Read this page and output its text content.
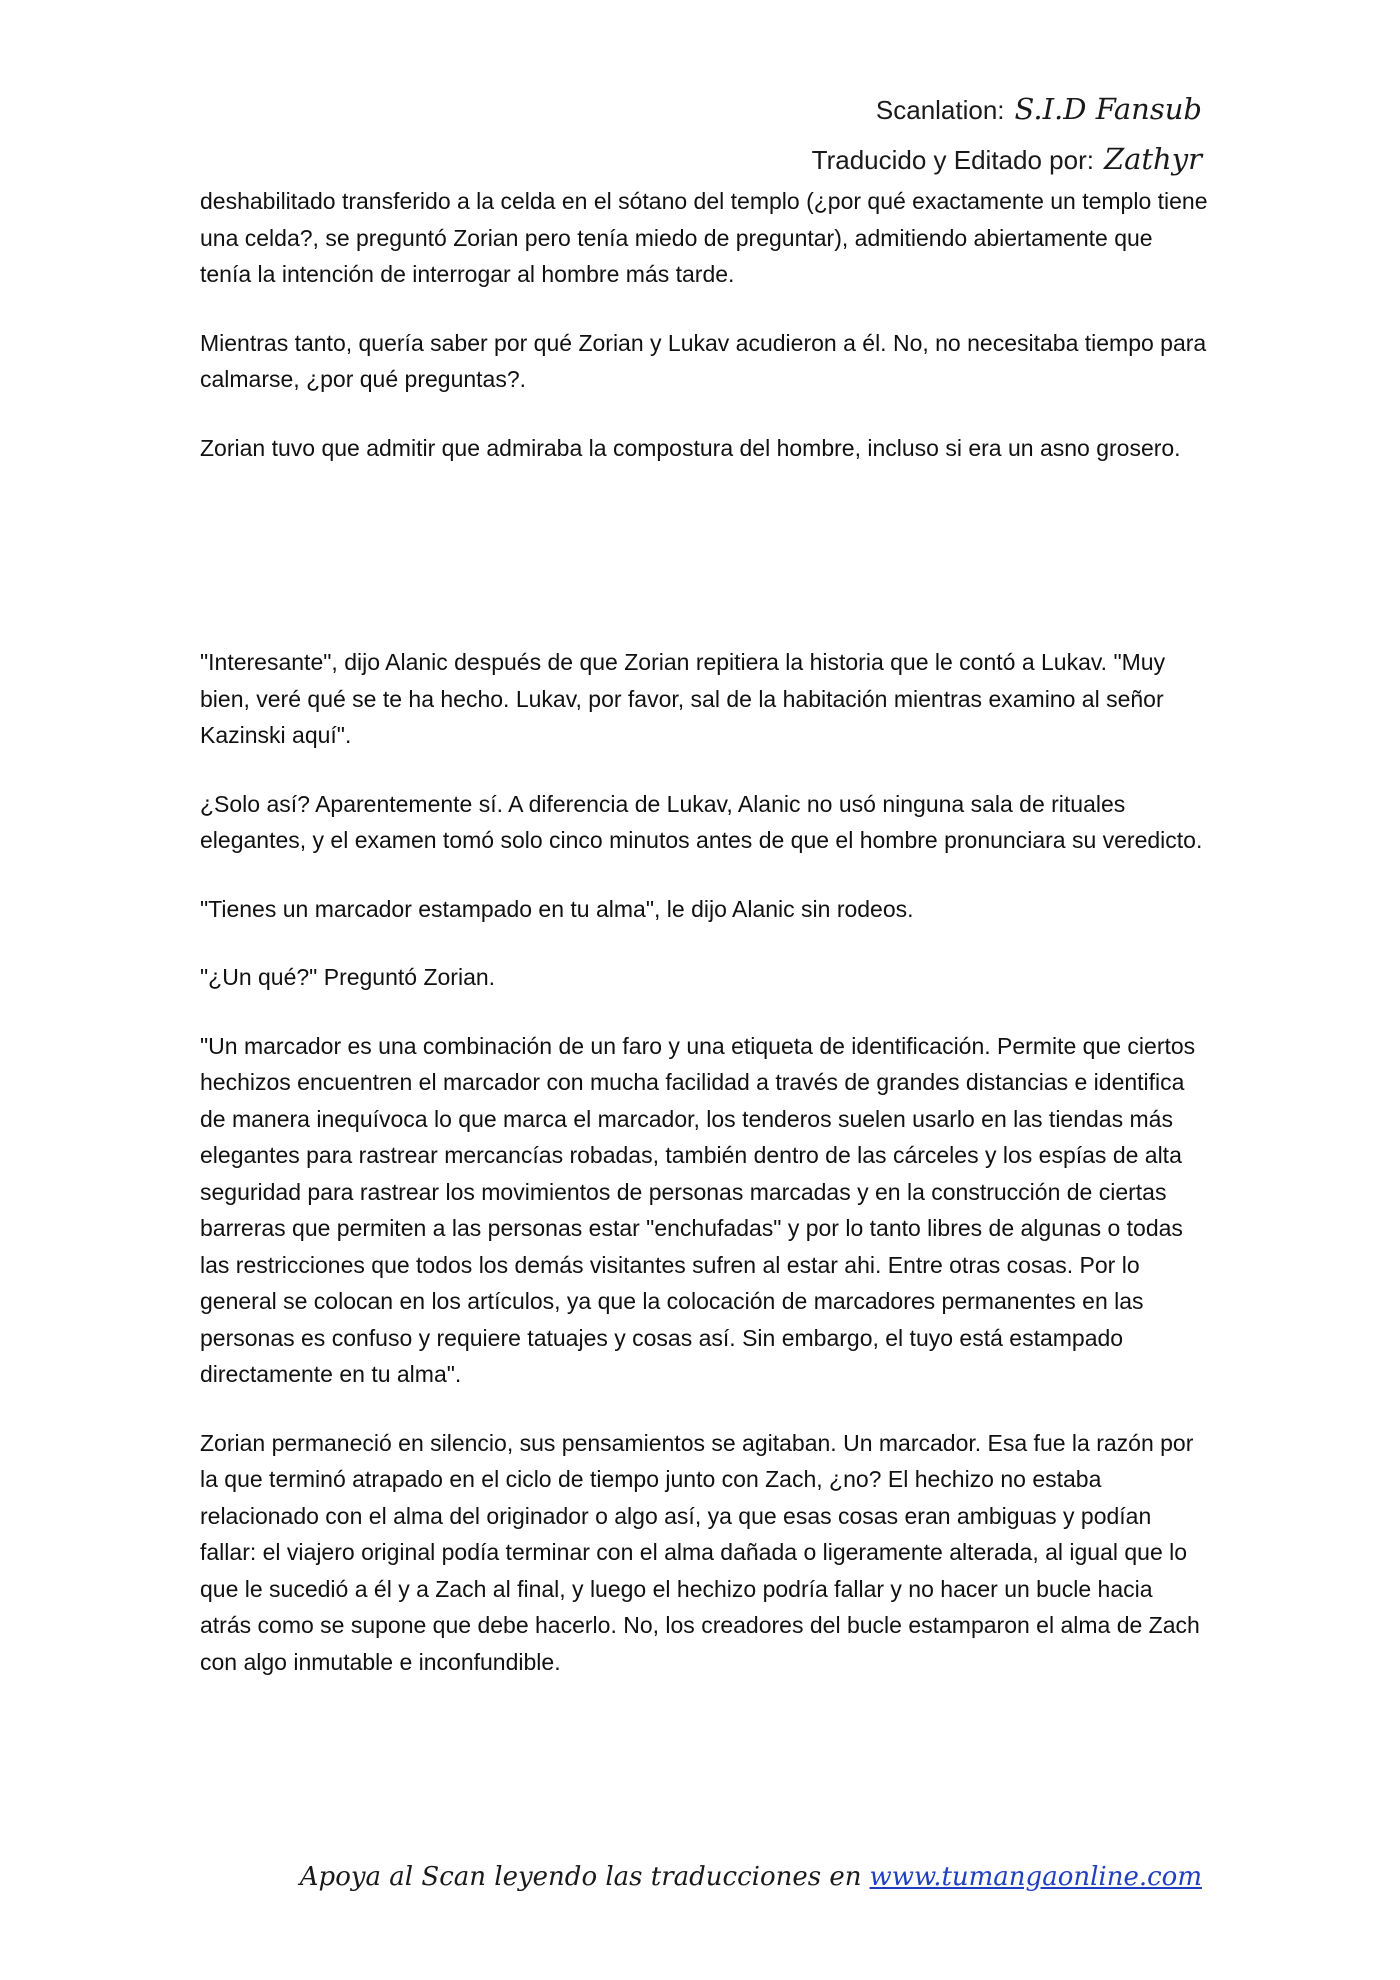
Scanlation: S.I.D Fansub
Traducido y Editado por: Zathyr

deshabilitado transferido a la celda en el sótano del templo (¿por qué exactamente un templo tiene una celda?, se preguntó Zorian pero tenía miedo de preguntar), admitiendo abiertamente que tenía la intención de interrogar al hombre más tarde.

Mientras tanto, quería saber por qué Zorian y Lukav acudieron a él. No, no necesitaba tiempo para calmarse, ¿por qué preguntas?.

Zorian tuvo que admitir que admiraba la compostura del hombre, incluso si era un asno grosero.

"Interesante", dijo Alanic después de que Zorian repitiera la historia que le contó a Lukav. "Muy bien, veré qué se te ha hecho. Lukav, por favor, sal de la habitación mientras examino al señor Kazinski aquí".

¿Solo así? Aparentemente sí. A diferencia de Lukav, Alanic no usó ninguna sala de rituales elegantes, y el examen tomó solo cinco minutos antes de que el hombre pronunciara su veredicto.

"Tienes un marcador estampado en tu alma", le dijo Alanic sin rodeos.

"¿Un qué?" Preguntó Zorian.

"Un marcador es una combinación de un faro y una etiqueta de identificación. Permite que ciertos hechizos encuentren el marcador con mucha facilidad a través de grandes distancias e identifica de manera inequívoca lo que marca el marcador, los tenderos suelen usarlo en las tiendas más elegantes para rastrear mercancías robadas, también dentro de las cárceles y los espías de alta seguridad para rastrear los movimientos de personas marcadas y en la construcción de ciertas barreras que permiten a las personas estar "enchufadas" y por lo tanto libres de algunas o todas las restricciones que todos los demás visitantes sufren al estar ahi. Entre otras cosas. Por lo general se colocan en los artículos, ya que la colocación de marcadores permanentes en las personas es confuso y requiere tatuajes y cosas así. Sin embargo, el tuyo está estampado directamente en tu alma".

Zorian permaneció en silencio, sus pensamientos se agitaban. Un marcador. Esa fue la razón por la que terminó atrapado en el ciclo de tiempo junto con Zach, ¿no? El hechizo no estaba relacionado con el alma del originador o algo así, ya que esas cosas eran ambiguas y podían fallar: el viajero original podía terminar con el alma dañada o ligeramente alterada, al igual que lo que le sucedió a él y a Zach al final, y luego el hechizo podría fallar y no hacer un bucle hacia atrás como se supone que debe hacerlo. No, los creadores del bucle estamparon el alma de Zach con algo inmutable e inconfundible.

Apoya al Scan leyendo las traducciones en www.tumangaonline.com
